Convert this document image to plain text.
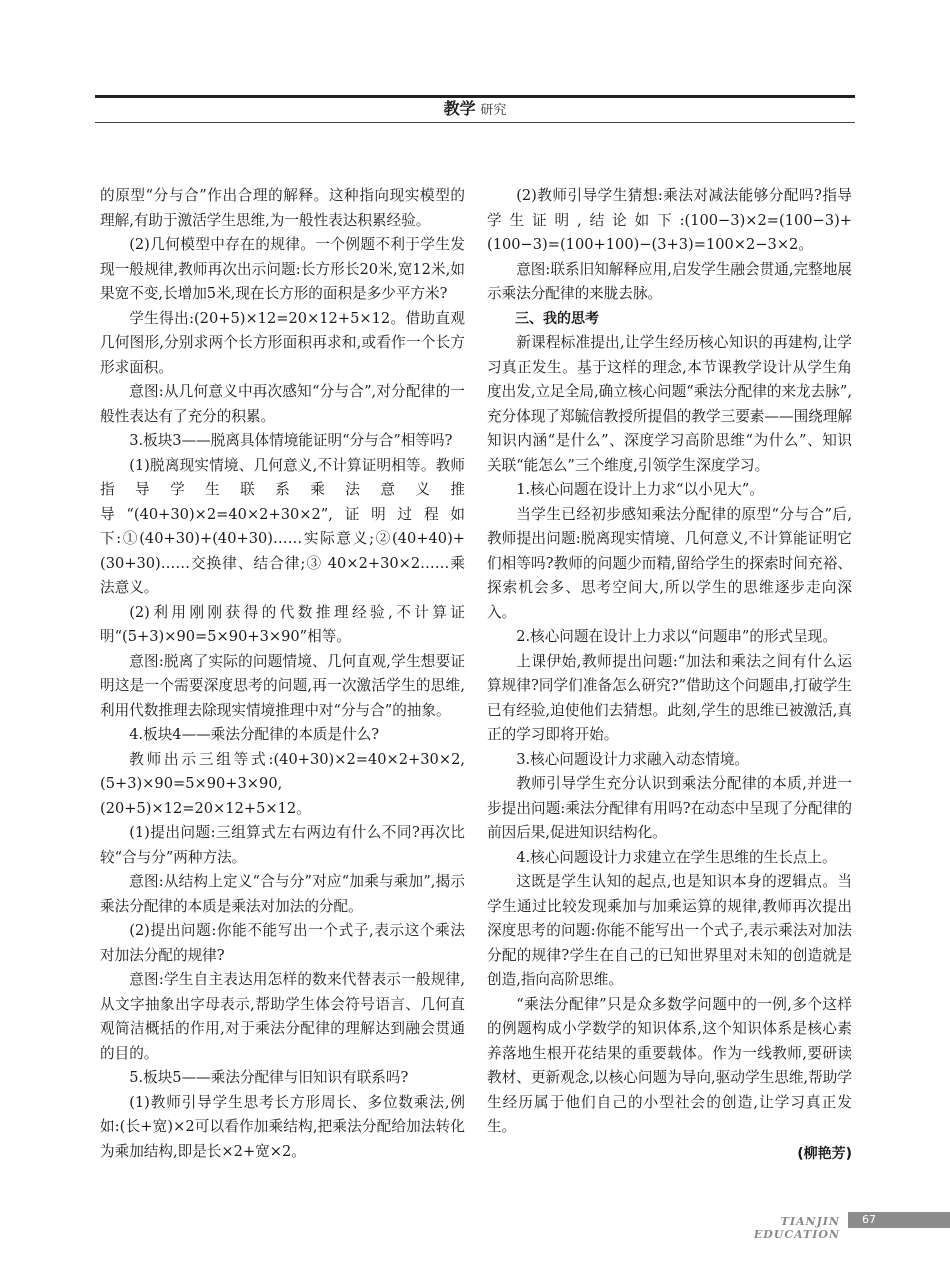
教学 研究

的原型“分与合”作出合理的解释。这种指向现实模型的理解,有助于激活学生思维,为一般性表达积累经验。

(2)几何模型中存在的规律。一个例题不利于学生发现一般规律,教师再次出示问题:长方形长20米,宽12米,如果宽不变,长增加5米,现在长方形的面积是多少平方米?

学生得出:(20+5)×12=20×12+5×12。借助直观几何图形,分别求两个长方形面积再求和,或看作一个长方形求面积。

意图:从几何意义中再次感知“分与合”,对分配律的一般性表达有了充分的积累。

3.板块3——脱离具体情境能证明“分与合”相等吗?

(1)脱离现实情境、几何意义,不计算证明相等。教师指导学生联系乘法意义推导“(40+30)×2=40×2+30×2”,证明过程如下:①(40+30)+(40+30)……实际意义;②(40+40)+(30+30)……交换律、结合律;③ 40×2+30×2……乘法意义。

(2)利用刚刚获得的代数推理经验,不计算证明“(5+3)×90=5×90+3×90”相等。

意图:脱离了实际的问题情境、几何直观,学生想要证明这是一个需要深度思考的问题,再一次激活学生的思维,利用代数推理去除现实情境推理中对“分与合”的抽象。

4.板块4——乘法分配律的本质是什么?

教师出示三组等式:(40+30)×2=40×2+30×2,(5+3)×90=5×90+3×90,(20+5)×12=20×12+5×12。

(1)提出问题:三组算式左右两边有什么不同?再次比较“合与分”两种方法。

意图:从结构上定义“合与分”对应“加乘与乘加”,揭示乘法分配律的本质是乘法对加法的分配。

(2)提出问题:你能不能写出一个式子,表示这个乘法对加法分配的规律?

意图:学生自主表达用怎样的数来代替表示一般规律,从文字抽象出字母表示,帮助学生体会符号语言、几何直观简洁概括的作用,对于乘法分配律的理解达到融会贯通的目的。

5.板块5——乘法分配律与旧知识有联系吗?

(1)教师引导学生思考长方形周长、多位数乘法,例如:(长+宽)×2可以看作加乘结构,把乘法分配给加法转化为乘加结构,即是长×2+宽×2。

(2)教师引导学生猜想:乘法对减法能够分配吗?指导学生证明,结论如下:(100−3)×2=(100−3)+(100−3)=(100+100)−(3+3)=100×2−3×2。

意图:联系旧知解释应用,启发学生融会贯通,完整地展示乘法分配律的来胧去脉。

三、我的思考

新课程标准提出,让学生经历核心知识的再建构,让学习真正发生。基于这样的理念,本节课教学设计从学生角度出发,立足全局,确立核心问题“乘法分配律的来龙去脉”,充分体现了郑毓信教授所提倡的教学三要素——围绕理解知识内涵“是什么”、深度学习高阶思维“为什么”、知识关联“能怎么”三个维度,引领学生深度学习。

1.核心问题在设计上力求“以小见大”。

当学生已经初步感知乘法分配律的原型“分与合”后,教师提出问题:脱离现实情境、几何意义,不计算能证明它们相等吗?教师的问题少而精,留给学生的探索时间充裕、探索机会多、思考空间大,所以学生的思维逐步走向深入。

2.核心问题在设计上力求以“问题串”的形式呈现。

上课伊始,教师提出问题:“加法和乘法之间有什么运算规律?同学们准备怎么研究?”借助这个问题串,打破学生已有经验,迫使他们去猜想。此刻,学生的思维已被激活,真正的学习即将开始。

3.核心问题设计力求融入动态情境。

教师引导学生充分认识到乘法分配律的本质,并进一步提出问题:乘法分配律有用吗?在动态中呈现了分配律的前因后果,促进知识结构化。

4.核心问题设计力求建立在学生思维的生长点上。

这既是学生认知的起点,也是知识本身的逻辑点。当学生通过比较发现乘加与加乘运算的规律,教师再次提出深度思考的问题:你能不能写出一个式子,表示乘法对加法分配的规律?学生在自己的已知世界里对未知的创造就是创造,指向高阶思维。

“乘法分配律”只是众多数学问题中的一例,多个这样的例题构成小学数学的知识体系,这个知识体系是核心素养落地生根开花结果的重要载体。作为一线教师,要研读教材、更新观念,以核心问题为导向,驱动学生思维,帮助学生经历属于他们自己的小型社会的创造,让学习真正发生。

(柳艳芳)

TIANJIN EDUCATION
67
